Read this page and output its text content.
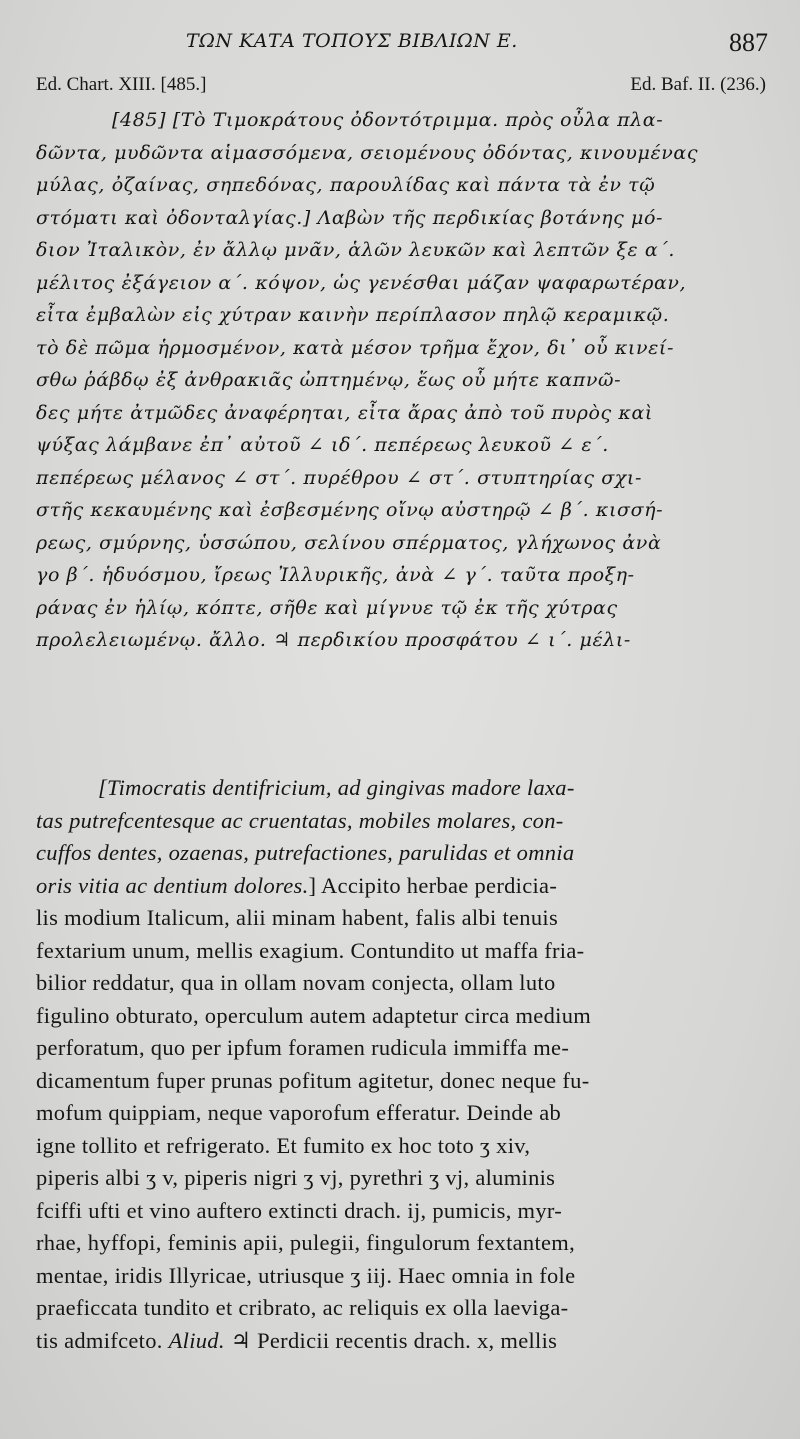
ΤΩΝ ΚΑΤΑ ΤΟΠΟΥΣ ΒΙΒΛΙΩΝ Ε.	887
Ed. Chart. XIII. [485.]	Ed. Baf. II. (236.)
[485] [Τὸ Τιμοκράτους ὀδοντότριμμα. πρὸς οὖλα πλα-
δῶντα, μυδῶντα αἱμασσόμενα, σειομένους ὀδόντας, κινουμένας
μύλας, ὀζαίνας, σηπεδόνας, παρουλίδας καὶ πάντα τὰ ἐν τῷ
στόματι καὶ ὀδονταλγίας.] Λαβὼν τῆς περδικίας βοτάνης μό-
διον Ἰταλικὸν, ἐν ἄλλῳ μνᾶν, ἁλῶν λευκῶν καὶ λεπτῶν ξε α΄.
μέλιτος ἐξάγειον α΄. κόψον, ὡς γενέσθαι μάζαν ψαφαρωτέραν,
εἶτα ἐμβαλὼν εἰς χύτραν καινὴν περίπλασον πηλῷ κεραμικῷ.
τὸ δὲ πῶμα ἡρμοσμένον, κατὰ μέσον τρῆμα ἔχον, δι᾿ οὗ κινεί-
σθω ῥάβδῳ ἐξ ἀνθρακιᾶς ὠπτημένῳ, ἕως οὗ μήτε καπνῶ-
δες μήτε ἀτμῶδες ἀναφέρηται, εἶτα ἄρας ἀπὸ τοῦ πυρὸς καὶ
ψύξας λάμβανε ἐπ᾿ αὐτοῦ ∠ ιδ΄. πεπέρεως λευκοῦ ∠ ε΄.
πεπέρεως μέλανος ∠ στ΄. πυρέθρου ∠ στ΄. στυπτηρίας σχι-
στῆς κεκαυμένης καὶ ἐσβεσμένης οἴνῳ αὐστηρῷ ∠ β΄. κισσή-
ρεως, σμύρνης, ὑσσώπου, σελίνου σπέρματος, γλήχωνος ἀνὰ
γο β΄. ἡδυόσμου, ἴρεως Ἰλλυρικῆς, ἀνὰ ∠ γ΄. ταῦτα προξη-
ράνας ἐν ἡλίῳ, κόπτε, σῆθε καὶ μίγνυε τῷ ἐκ τῆς χύτρας
προλελειωμένῳ. ἄλλο. ♃ περδικίου προσφάτου ∠ ι΄. μέλι-
[Timocratis dentifricium, ad gingivas madore laxa-
tas putrefcentesque ac cruentatas, mobiles molares, con-
cuffos dentes, ozaenas, putrefactiones, parulidas et omnia
oris vitia ac dentium dolores.] Accipito herbae perdicia-
lis modium Italicum, alii minam habent, falis albi tenuis
fextarium unum, mellis exagium. Contundito ut maffa fria-
bilior reddatur, qua in ollam novam conjecta, ollam luto
figulino obturato, operculum autem adaptetur circa medium
perforatum, quo per ipfum foramen rudicula immiffa me-
dicamentum fuper prunas pofitum agitetur, donec neque fu-
mofum quippiam, neque vaporofum efferatur. Deinde ab
igne tollito et refrigerato. Et fumito ex hoc toto ʒ xiv,
piperis albi ʒ v, piperis nigri ʒ vj, pyrethri ʒ vj, aluminis
fciffi ufti et vino auftero extincti drach. ij, pumicis, myr-
rhae, hyffopi, feminis apii, pulegii, fingulorum fextantem,
mentae, iridis Illyricae, utriusque ʒ iij. Haec omnia in fole
praeficcata tundito et cribrato, ac reliquis ex olla laeviga-
tis admifceto. Aliud. ♃ Perdicii recentis drach. x, mellis
